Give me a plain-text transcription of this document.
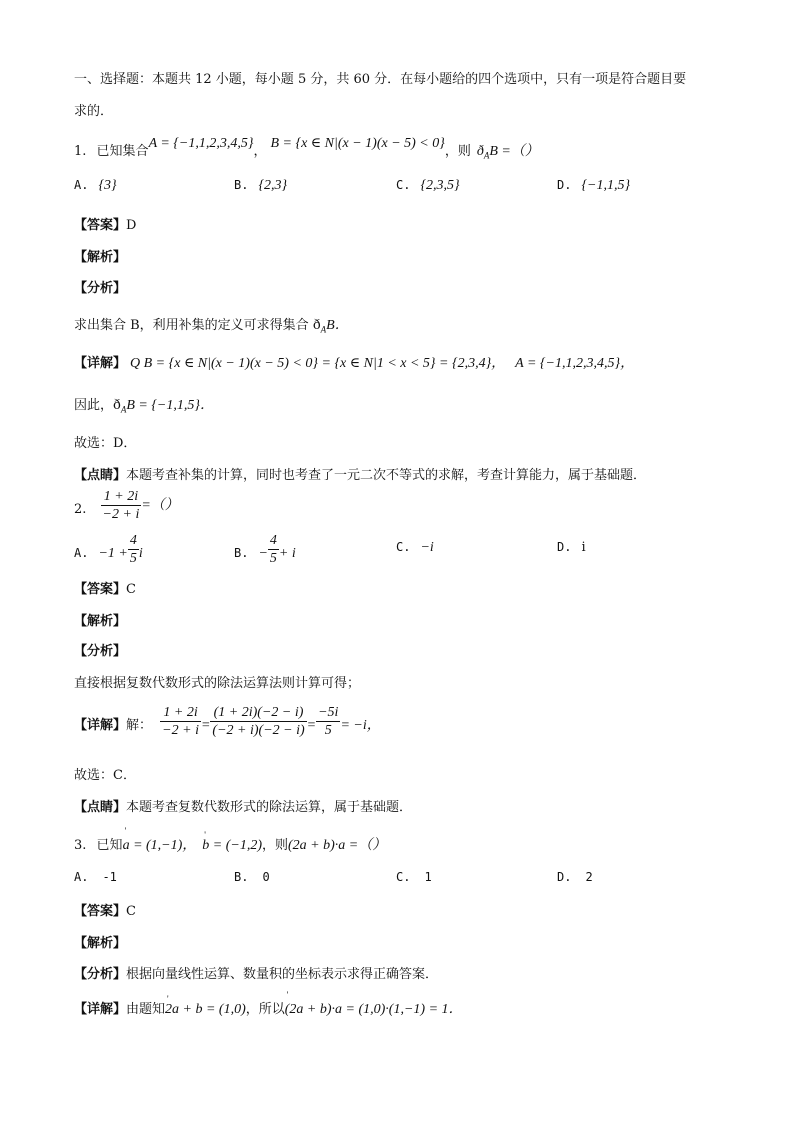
一、选择题：本题共 12 小题，每小题 5 分，共 60 分．在每小题给的四个选项中，只有一项是符合题目要
求的．
1. 已知集合A = {−1,1,2,3,4,5}，B = {x ∈ N|(x − 1)(x − 5) < 0}，则 $ð_AB$ =（）
A. {3}	B. {2,3}	C. {2,3,5}	D. {−1,1,5}
【答案】D
【解析】
【分析】
求出集合 B，利用补集的定义可求得集合 $ð_AB$．
【详解】 Q B = {x ∈ N|(x − 1)(x − 5) < 0} = {x ∈ N|1 < x < 5} = {2,3,4}， A = {−1,1,2,3,4,5}，
因此，$ð_AB = \{-1,1,5\}$．
故选：D．
【点睛】本题考查补集的计算，同时也考查了一元二次不等式的求解，考查计算能力，属于基础题．
2. $\frac{1 + 2i}{-2 + i}$ =（）
A. $-1 + \frac{4}{5}$ i	B. − $\frac{4}{5} + i$	C. −i	D. i
【答案】C
【解析】
【分析】
直接根据复数代数形式的除法运算法则计算可得；
【详解】解： $\frac{1 + 2i}{-2 + i} = \frac{(1 + 2i)(-2 - i)}{(-2 + i)(-2 - i)} = \frac{-5i}{5} = -i$，
故选：C．
【点睛】本题考查复数代数形式的除法运算，属于基础题．
3. 已知' a = (1,−1)，' b = (−1,2)，则(2a + b)·a =（）
A. -1	B. 0	C. 1	D. 2
【答案】C
【解析】
【分析】根据向量线性运算、数量积的坐标表示求得正确答案．
【详解】由题知' 2a + b = (1,0)，所以' (2a + b)·a = (1,0)·(1,−1) = 1．
